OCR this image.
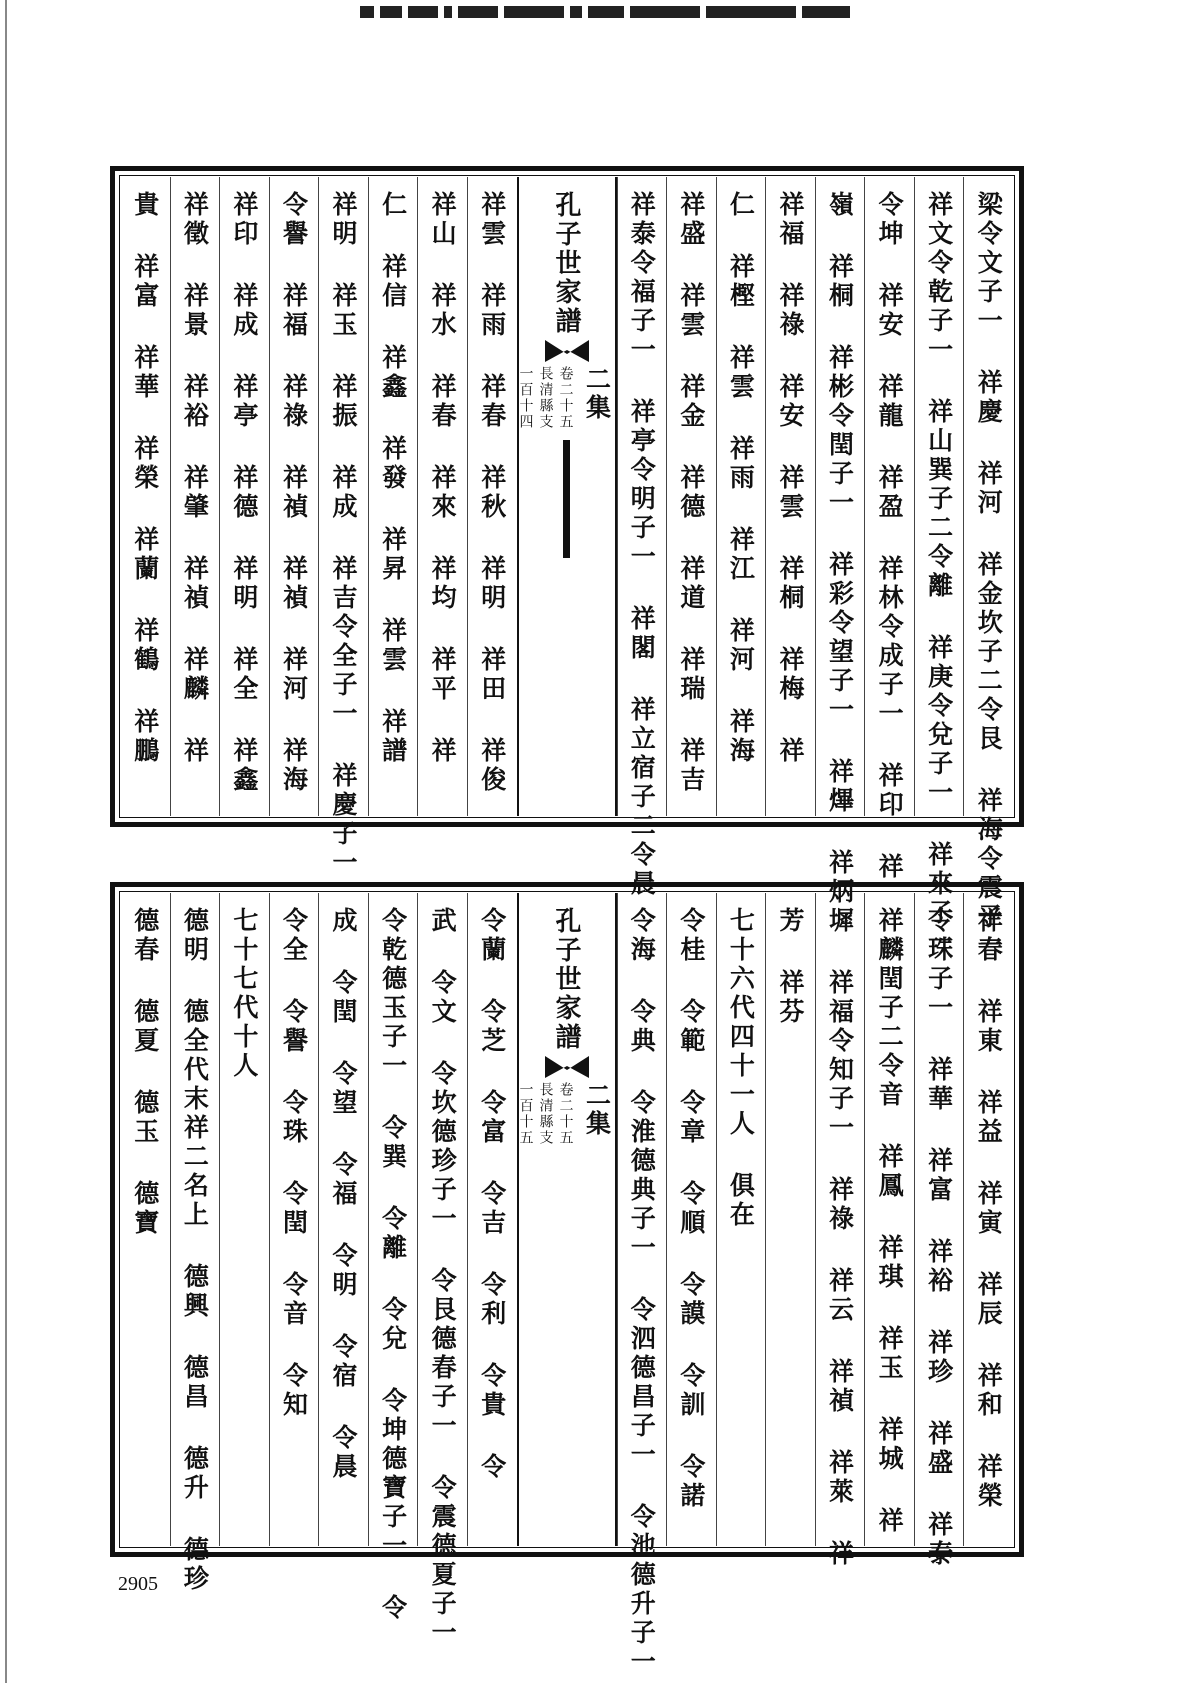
梁令文子一 祥慶 祥河 祥金坎子二令艮 祥海令震子一
祥文令乾子一 祥山巽子二令離 祥庚令兌子一 祥來子一
令坤 祥安 祥龍 祥盈 祥林令成子一 祥印 祥
嶺 祥桐 祥彬令閏子一 祥彩令望子一 祥熚 祥炳
祥福 祥祿 祥安 祥雲 祥桐 祥梅 祥
仁 祥樫 祥雲 祥雨 祥江 祥河 祥海
祥盛 祥雲 祥金 祥德 祥道 祥瑞 祥吉
祥泰令福子一 祥亭令明子一 祥閣 祥立宿子二令晨
孔子世家譜
二集
卷二十五
長清縣支
一百十四
祥雲 祥雨 祥春 祥秋 祥明 祥田 祥俊
祥山 祥水 祥春 祥來 祥均 祥平 祥
仁 祥信 祥鑫 祥發 祥昇 祥雲 祥譜
祥明 祥玉 祥振 祥成 祥吉令全子一 祥慶子一
令譽 祥福 祥祿 祥禎 祥禎 祥河 祥海
祥印 祥成 祥亭 祥德 祥明 祥全 祥鑫
祥徵 祥景 祥裕 祥肇 祥禎 祥麟 祥
貴 祥富 祥華 祥榮 祥蘭 祥鶴 祥鵬
祥春 祥東 祥益 祥寅 祥辰 祥和 祥榮
令珠子一 祥華 祥富 祥裕 祥珍 祥盛 祥泰
祥麟閏子二令音 祥鳳 祥琪 祥玉 祥城 祥
墀 祥福令知子一 祥祿 祥云 祥禎 祥萊 祥
芳 祥芬
七十六代四十一人 俱在
令桂 令範 令章 令順 令謨 令訓 令諾
令海 令典 令淮德典子一 令泗德昌子一 令池德升子一
孔子世家譜
二集
卷二十五
長清縣支
一百十五
令蘭 令芝 令富 令吉 令利 令貴 令
武 令文 令坎德珍子一 令艮德春子一 令震德夏子一
令乾德玉子一 令巽 令離 令兌 令坤德寶子一 令
成 令閏 令望 令福 令明 令宿 令晨
令全 令譽 令珠 令閏 令音 令知
七十七代十人
德明 德全代末祥二名上 德興 德昌 德升 德珍
德春 德夏 德玉 德寶
2905
